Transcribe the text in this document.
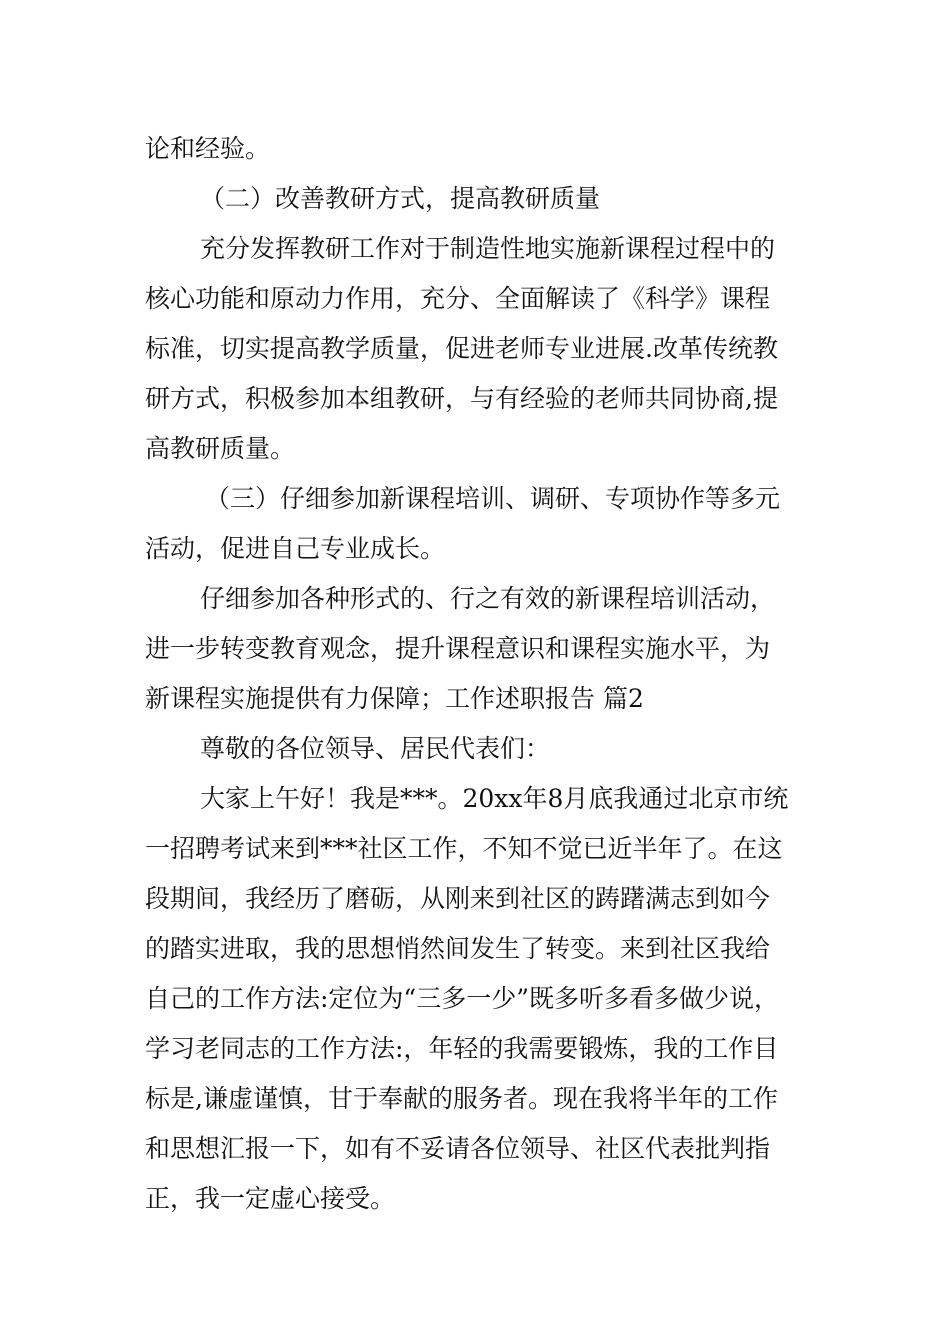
论和经验。
（二）改善教研方式，提高教研质量
充分发挥教研工作对于制造性地实施新课程过程中的
核心功能和原动力作用，充分、全面解读了《科学》课程
标准，切实提高教学质量，促进老师专业进展.改革传统教
研方式，积极参加本组教研，与有经验的老师共同协商,提
高教研质量。
（三）仔细参加新课程培训、调研、专项协作等多元
活动，促进自己专业成长。
仔细参加各种形式的、行之有效的新课程培训活动，
进一步转变教育观念，提升课程意识和课程实施水平，为
新课程实施提供有力保障；工作述职报告 篇2
尊敬的各位领导、居民代表们：
大家上午好！我是***。20xx年8月底我通过北京市统
一招聘考试来到***社区工作，不知不觉已近半年了。在这
段期间，我经历了磨砺，从刚来到社区的踌躇满志到如今
的踏实进取，我的思想悄然间发生了转变。来到社区我给
自己的工作方法:定位为“三多一少”既多听多看多做少说，
学习老同志的工作方法:，年轻的我需要锻炼，我的工作目
标是,谦虚谨慎，甘于奉献的服务者。现在我将半年的工作
和思想汇报一下，如有不妥请各位领导、社区代表批判指
正，我一定虚心接受。
